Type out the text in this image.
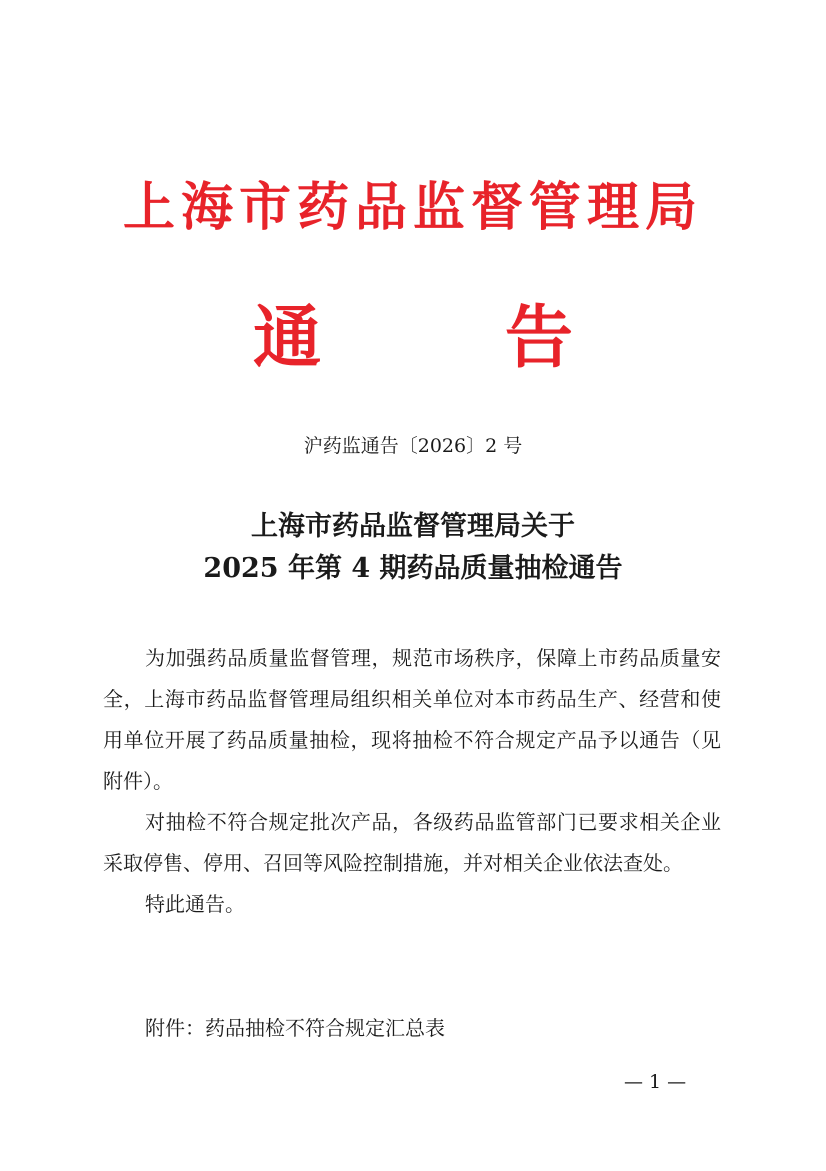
上海市药品监督管理局
通 告
沪药监通告〔2026〕2 号
上海市药品监督管理局关于
2025 年第 4 期药品质量抽检通告

为加强药品质量监督管理，规范市场秩序，保障上市药品质量安全，上海市药品监督管理局组织相关单位对本市药品生产、经营和使用单位开展了药品质量抽检，现将抽检不符合规定产品予以通告（见附件）。

对抽检不符合规定批次产品，各级药品监管部门已要求相关企业采取停售、停用、召回等风险控制措施，并对相关企业依法查处。

特此通告。

附件：药品抽检不符合规定汇总表
— 1 —
